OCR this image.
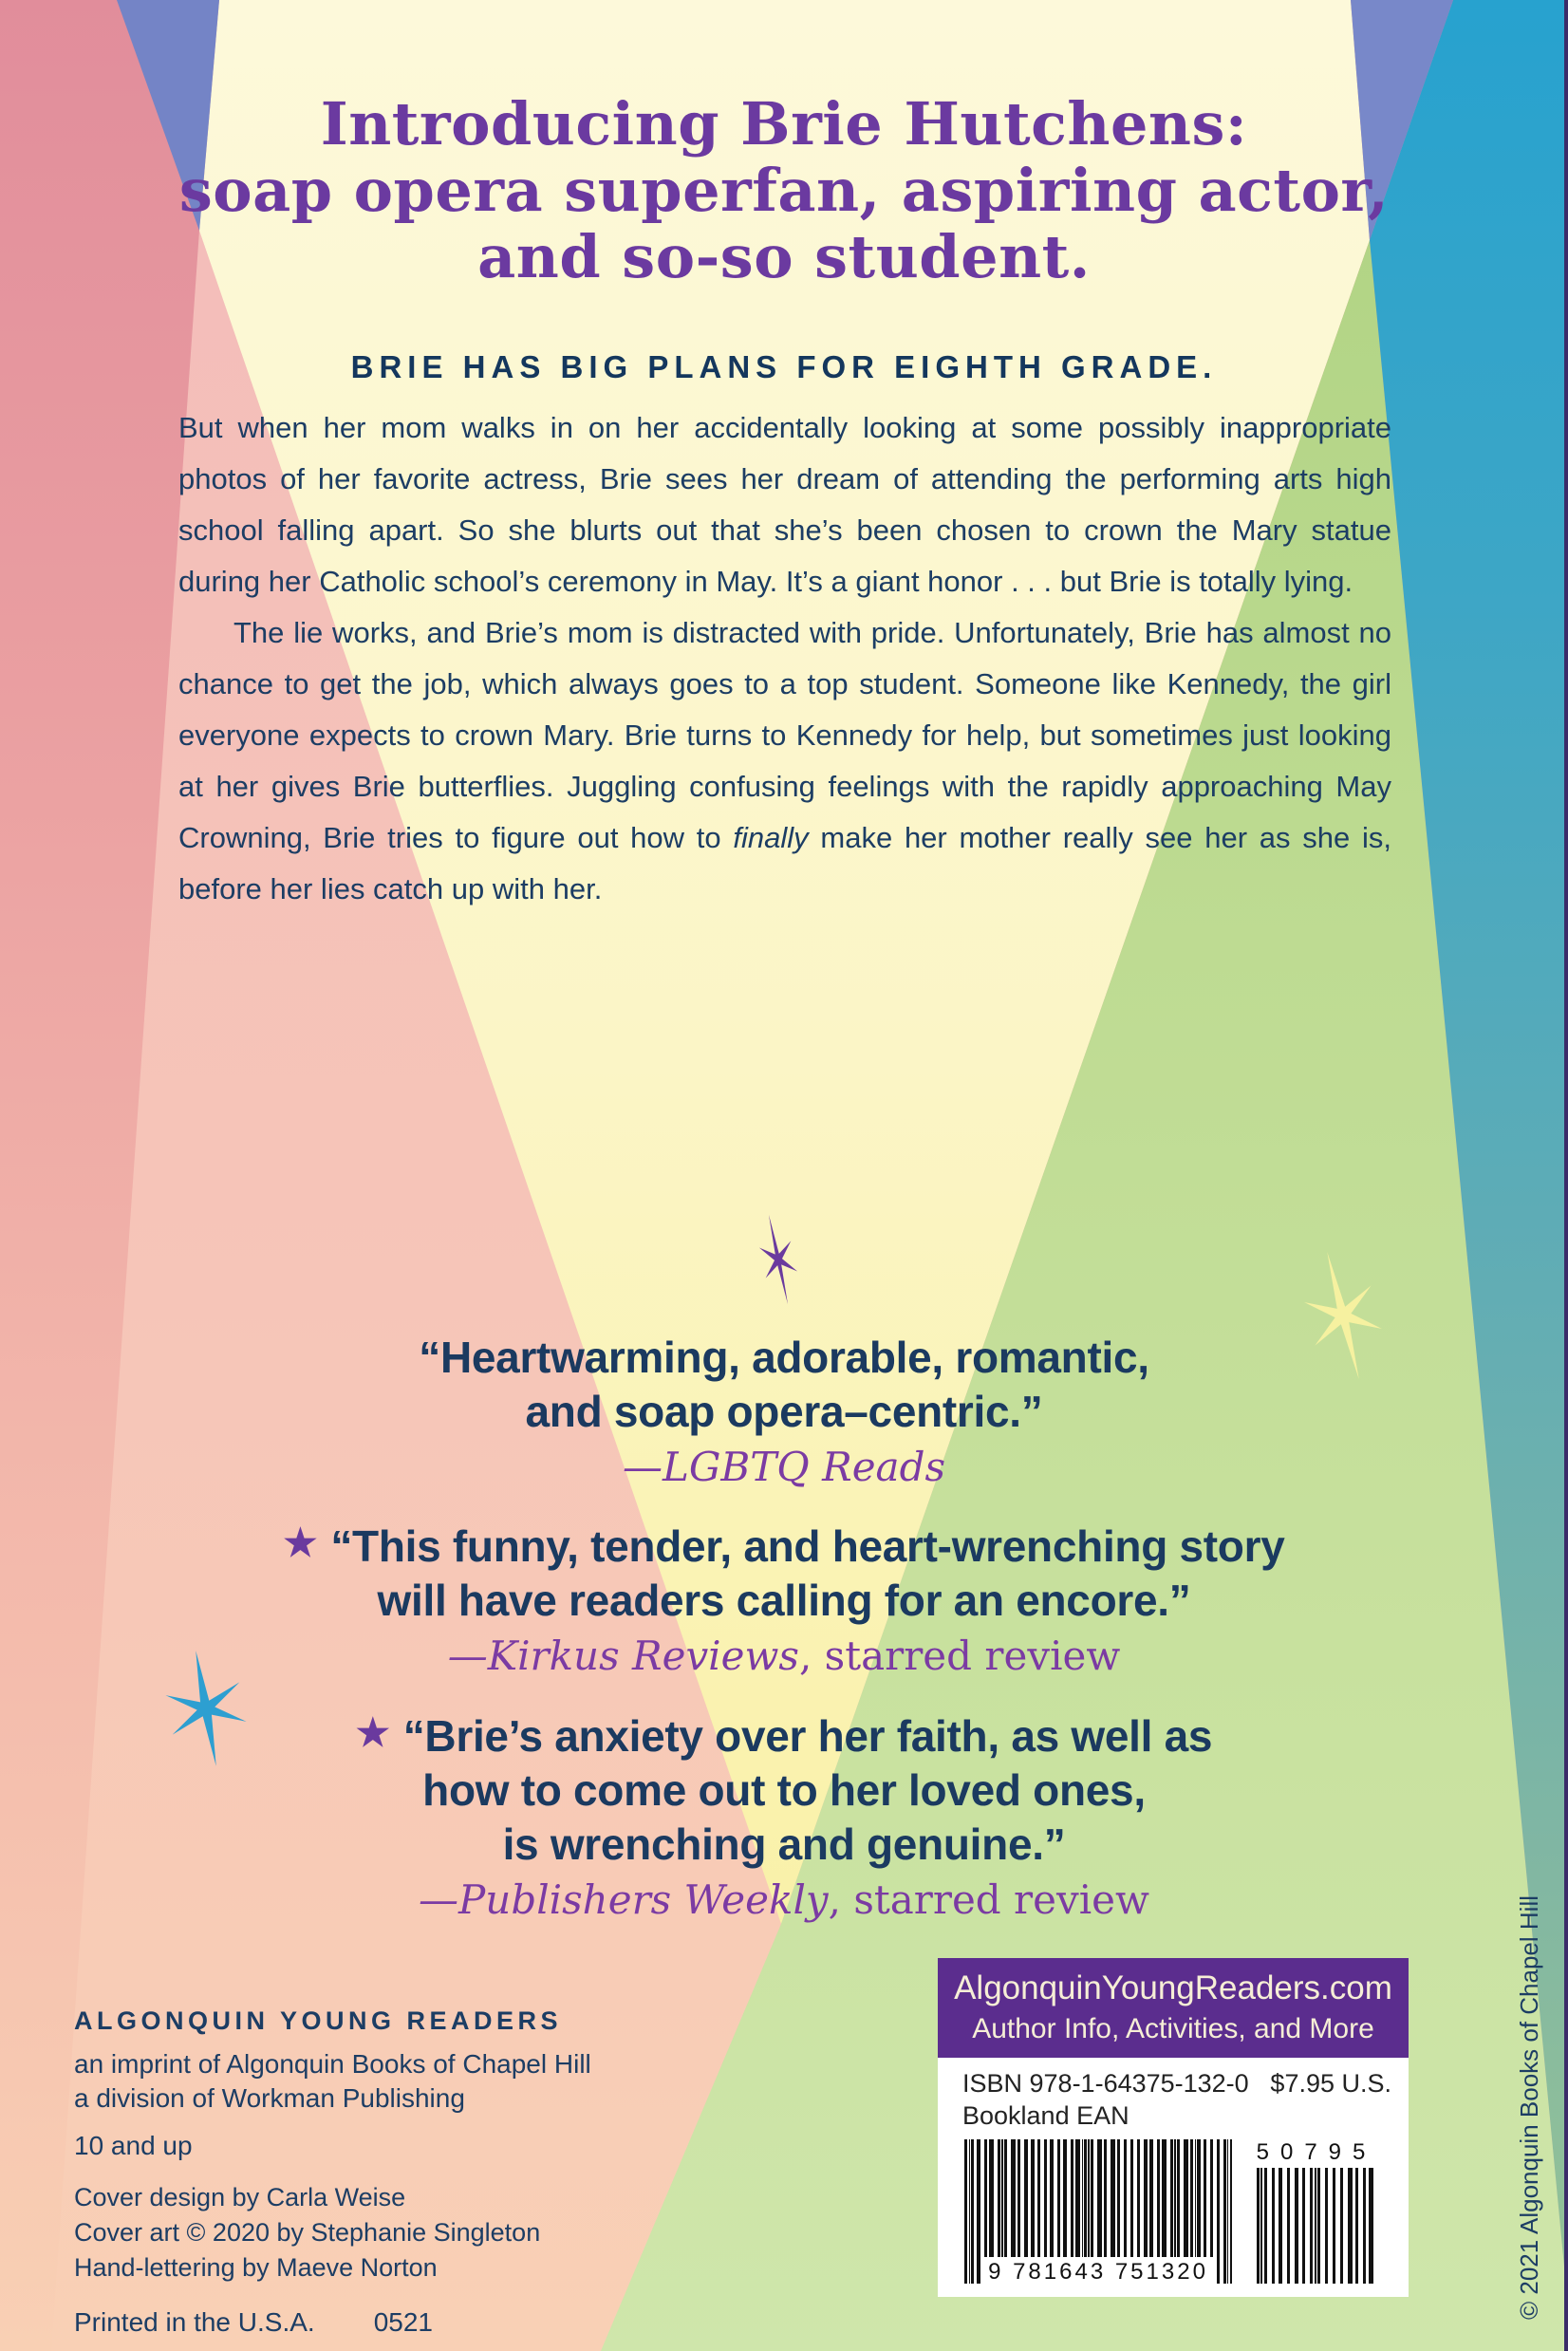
Introducing Brie Hutchens:
soap opera superfan, aspiring actor,
and so-so student.
BRIE HAS BIG PLANS FOR EIGHTH GRADE.

But when her mom walks in on her accidentally looking at some possibly inappropriate photos of her favorite actress, Brie sees her dream of attending the performing arts high school falling apart. So she blurts out that she’s been chosen to crown the Mary statue during her Catholic school’s ceremony in May. It’s a giant honor . . . but Brie is totally lying.

The lie works, and Brie’s mom is distracted with pride. Unfortunately, Brie has almost no chance to get the job, which always goes to a top student. Someone like Kennedy, the girl everyone expects to crown Mary. Brie turns to Kennedy for help, but sometimes just looking at her gives Brie butterflies. Juggling confusing feelings with the rapidly approaching May Crowning, Brie tries to figure out how to finally make her mother really see her as she is, before her lies catch up with her.

“Heartwarming, adorable, romantic,
and soap opera–centric.”
—LGBTQ Reads
★ “This funny, tender, and heart-wrenching story
will have readers calling for an encore.”
—Kirkus Reviews, starred review
★ “Brie’s anxiety over her faith, as well as
how to come out to her loved ones,
is wrenching and genuine.”
—Publishers Weekly, starred review
ALGONQUIN YOUNG READERS
an imprint of Algonquin Books of Chapel Hill
a division of Workman Publishing
10 and up
Cover design by Carla Weise
Cover art © 2020 by Stephanie Singleton
Hand-lettering by Maeve Norton
Printed in the U.S.A. 0521
AlgonquinYoungReaders.com
Author Info, Activities, and More
ISBN 978-1-64375-132-0 $7.95 U.S.
Bookland EAN
9 781643 751320
50795	© 2021 Algonquin Books of Chapel Hill
